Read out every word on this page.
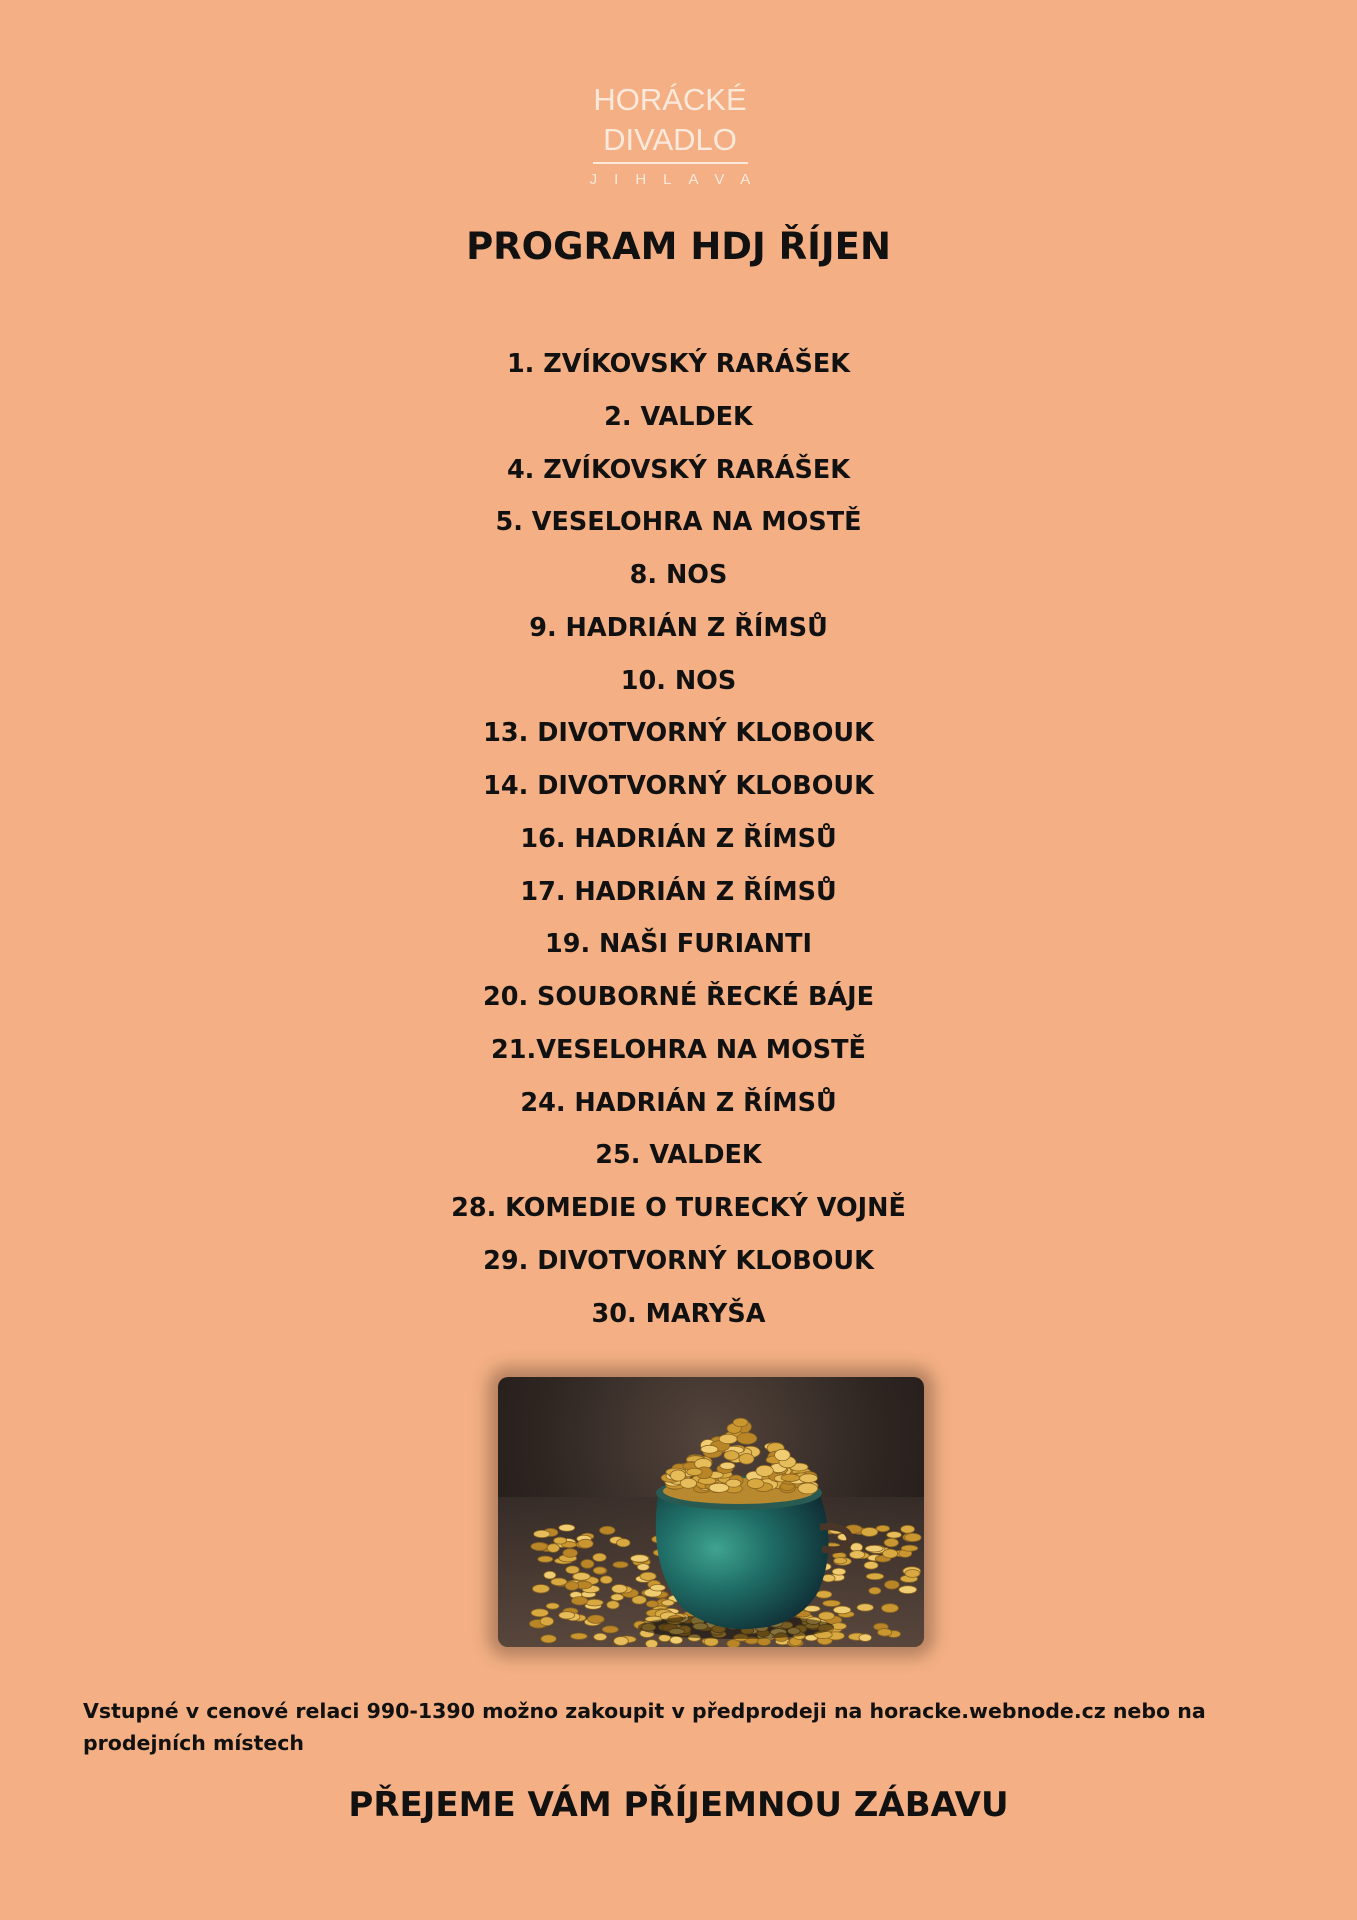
HORÁCKÉ
DIVADLO
JIHLAVA
PROGRAM HDJ ŘÍJEN
1. ZVÍKOVSKÝ RARÁŠEK
2. VALDEK
4. ZVÍKOVSKÝ RARÁŠEK
5. VESELOHRA NA MOSTĚ
8. NOS
9. HADRIÁN Z ŘÍMSŮ
10. NOS
13. DIVOTVORNÝ KLOBOUK
14. DIVOTVORNÝ KLOBOUK
16. HADRIÁN Z ŘÍMSŮ
17. HADRIÁN Z ŘÍMSŮ
19. NAŠI FURIANTI
20. SOUBORNÉ ŘECKÉ BÁJE
21.VESELOHRA NA MOSTĚ
24. HADRIÁN Z ŘÍMSŮ
25. VALDEK
28. KOMEDIE O TURECKÝ VOJNĚ
29. DIVOTVORNÝ KLOBOUK
30. MARYŠA
Vstupné v cenové relaci 990-1390 možno zakoupit v předprodeji na horacke.webnode.cz nebo na prodejních místech
PŘEJEME VÁM PŘÍJEMNOU ZÁBAVU
